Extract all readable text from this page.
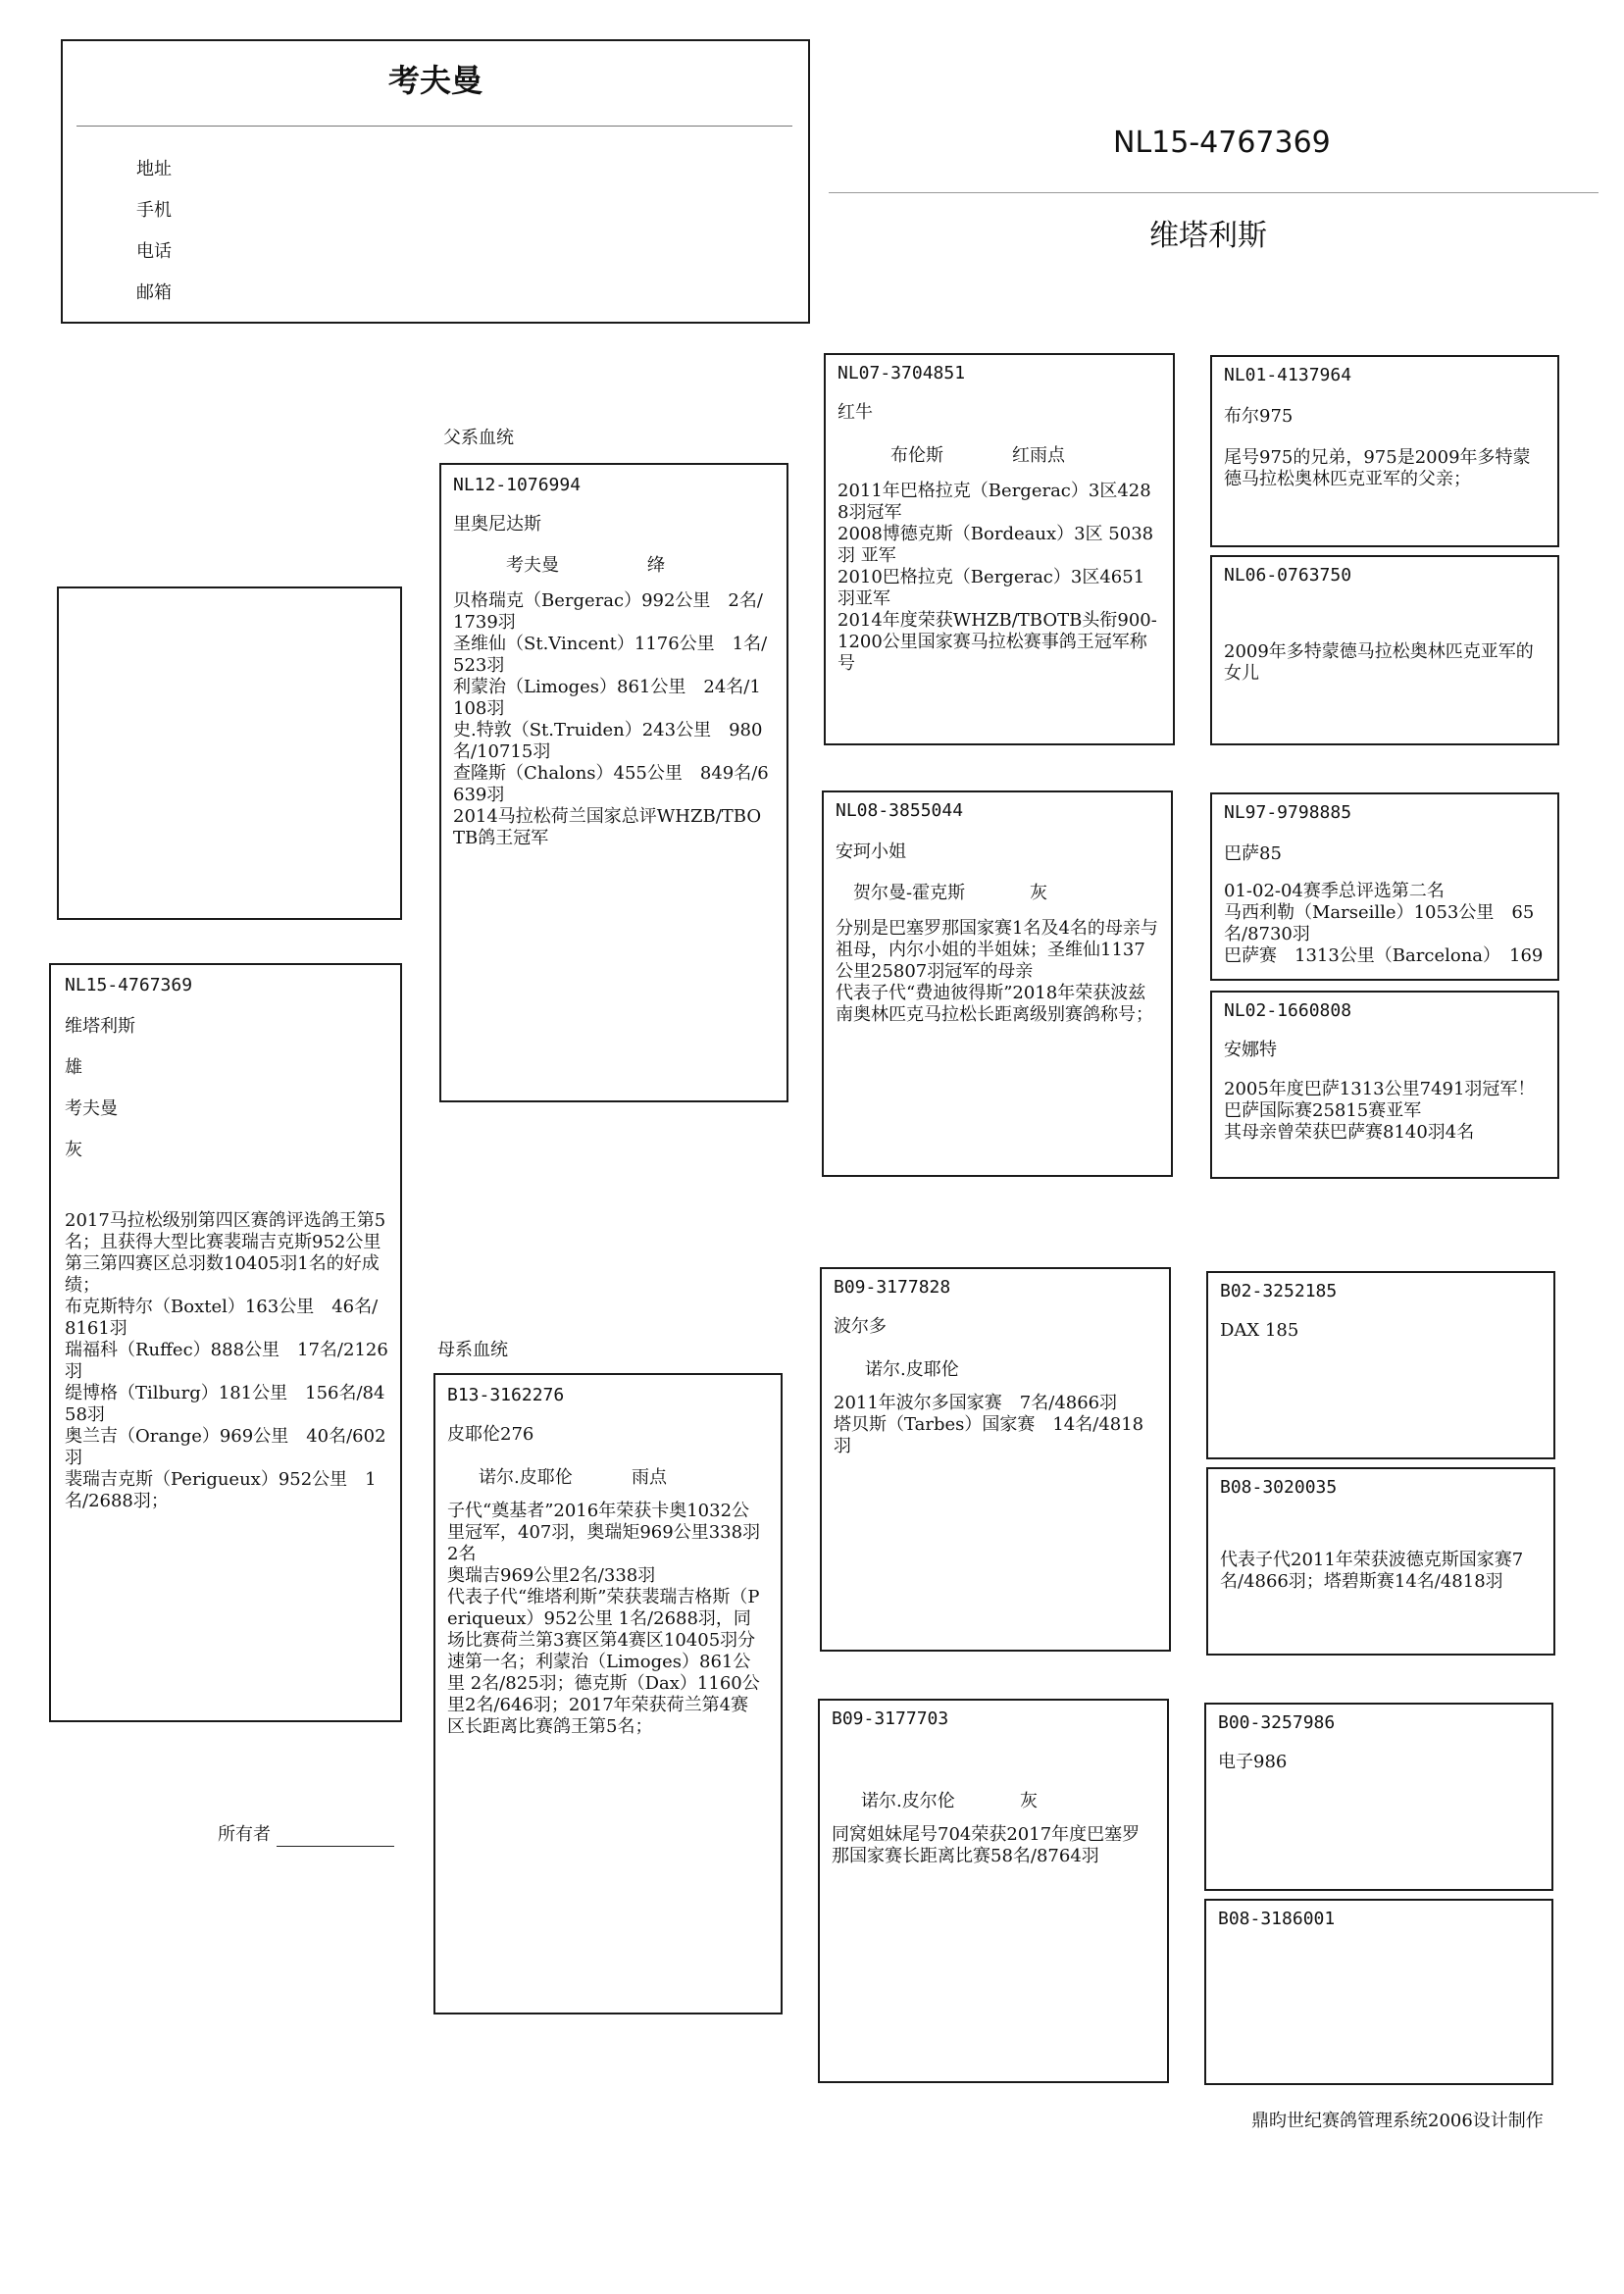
考夫曼
地址
手机
电话
邮箱
NL15-4767369
维塔利斯
NL15-4767369
维塔利斯
雄
考夫曼
灰
2017马拉松级别第四区赛鸽评选鸽王第5名；且获得大型比赛裴瑞吉克斯952公里第三第四赛区总羽数10405羽1名的好成绩；
布克斯特尔（Boxtel）163公里　46名/8161羽
瑞福科（Ruffec）888公里　17名/2126羽
缇博格（Tilburg）181公里　156名/8458羽
奥兰吉（Orange）969公里　40名/602羽
裴瑞吉克斯（Perigueux）952公里　1名/2688羽；
父系血统
母系血统
NL12-1076994
里奥尼达斯
考夫曼	绛
贝格瑞克（Bergerac）992公里　2名/1739羽
圣维仙（St.Vincent）1176公里　1名/523羽
利蒙治（Limoges）861公里　24名/1108羽
史.特敦（St.Truiden）243公里　980名/10715羽
查隆斯（Chalons）455公里　849名/6639羽
2014马拉松荷兰国家总评WHZB/TBOTB鸽王冠军
B13-3162276
皮耶伦276
诺尔.皮耶伦	雨点
子代“奠基者”2016年荣获卡奥1032公里冠军，407羽，奥瑞矩969公里338羽2名
奥瑞吉969公里2名/338羽
代表子代“维塔利斯”荣获裴瑞吉格斯（Periqueux）952公里 1名/2688羽，同场比赛荷兰第3赛区第4赛区10405羽分速第一名；利蒙治（Limoges）861公里 2名/825羽；德克斯（Dax）1160公里2名/646羽；2017年荣获荷兰第4赛区长距离比赛鸽王第5名；
NL07-3704851
红牛
布伦斯	红雨点
2011年巴格拉克（Bergerac）3区4288羽冠军
2008博德克斯（Bordeaux）3区 5038羽 亚军
2010巴格拉克（Bergerac）3区4651羽亚军
2014年度荣获WHZB/TBOTB头衔900-1200公里国家赛马拉松赛事鸽王冠军称号
NL08-3855044
安珂小姐
贺尔曼-霍克斯	灰
分别是巴塞罗那国家赛1名及4名的母亲与祖母，内尔小姐的半姐妹；圣维仙1137公里25807羽冠军的母亲
代表子代“费迪彼得斯”2018年荣获波兹南奥林匹克马拉松长距离级别赛鸽称号；
B09-3177828
波尔多
诺尔.皮耶伦
2011年波尔多国家赛　7名/4866羽
塔贝斯（Tarbes）国家赛　14名/4818羽
B09-3177703
诺尔.皮尔伦	灰
同窝姐妹尾号704荣获2017年度巴塞罗那国家赛长距离比赛58名/8764羽
NL01-4137964
布尔975
尾号975的兄弟，975是2009年多特蒙德马拉松奥林匹克亚军的父亲；
NL06-0763750
2009年多特蒙德马拉松奥林匹克亚军的女儿
NL97-9798885
巴萨85
01-02-04赛季总评选第二名
马西利勒（Marseille）1053公里　65名/8730羽
巴萨赛　1313公里（Barcelona）　169
NL02-1660808
安娜特
2005年度巴萨1313公里7491羽冠军！
巴萨国际赛25815赛亚军
其母亲曾荣获巴萨赛8140羽4名
B02-3252185
DAX 185
B08-3020035
代表子代2011年荣获波德克斯国家赛7名/4866羽；塔碧斯赛14名/4818羽
B00-3257986
电子986
B08-3186001
所有者
鼎昀世纪赛鸽管理系统2006设计制作
